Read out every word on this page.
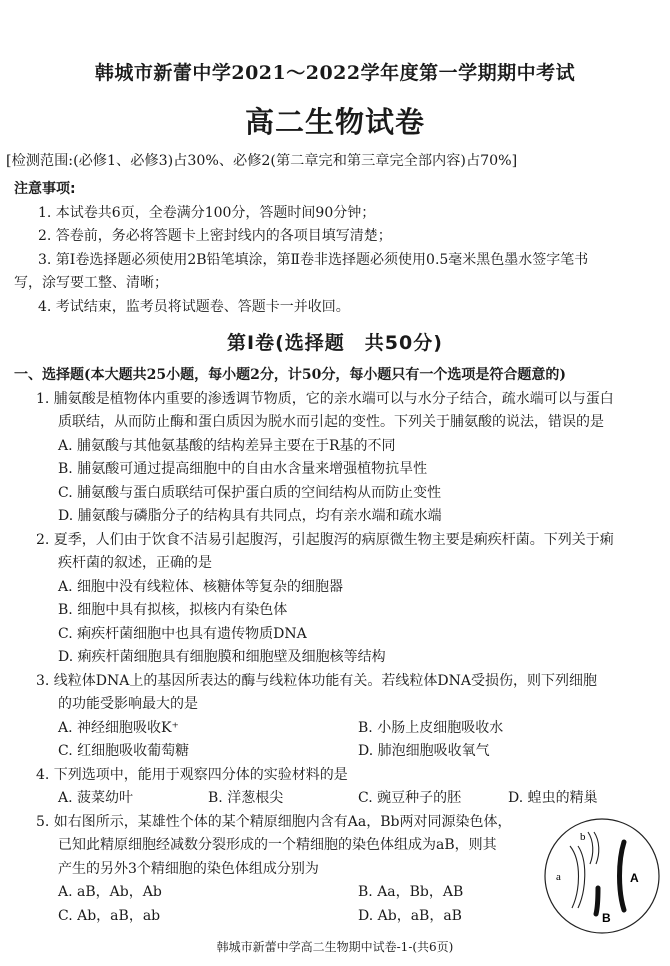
韩城市新蕾中学2021～2022学年度第一学期期中考试
高二生物试卷
[检测范围:(必修1、必修3)占30%、必修2(第二章完和第三章完全部内容)占70%]
注意事项:
1. 本试卷共6页，全卷满分100分，答题时间90分钟；
2. 答卷前，务必将答题卡上密封线内的各项目填写清楚；
3. 第Ⅰ卷选择题必须使用2B铅笔填涂，第Ⅱ卷非选择题必须使用0.5毫米黑色墨水签字笔书
写，涂写要工整、清晰；
4. 考试结束，监考员将试题卷、答题卡一并收回。
第Ⅰ卷(选择题　共50分)
一、选择题(本大题共25小题，每小题2分，计50分，每小题只有一个选项是符合题意的)
1. 脯氨酸是植物体内重要的渗透调节物质，它的亲水端可以与水分子结合，疏水端可以与蛋白
质联结，从而防止酶和蛋白质因为脱水而引起的变性。下列关于脯氨酸的说法，错误的是
A. 脯氨酸与其他氨基酸的结构差异主要在于R基的不同
B. 脯氨酸可通过提高细胞中的自由水含量来增强植物抗旱性
C. 脯氨酸与蛋白质联结可保护蛋白质的空间结构从而防止变性
D. 脯氨酸与磷脂分子的结构具有共同点，均有亲水端和疏水端
2. 夏季，人们由于饮食不洁易引起腹泻，引起腹泻的病原微生物主要是痢疾杆菌。下列关于痢
疾杆菌的叙述，正确的是
A. 细胞中没有线粒体、核糖体等复杂的细胞器
B. 细胞中具有拟核，拟核内有染色体
C. 痢疾杆菌细胞中也具有遗传物质DNA
D. 痢疾杆菌细胞具有细胞膜和细胞壁及细胞核等结构
3. 线粒体DNA上的基因所表达的酶与线粒体功能有关。若线粒体DNA受损伤，则下列细胞
的功能受影响最大的是
A. 神经细胞吸收K⁺	B. 小肠上皮细胞吸收水
C. 红细胞吸收葡萄糖	D. 肺泡细胞吸收氧气
4. 下列选项中，能用于观察四分体的实验材料的是
A. 菠菜幼叶	B. 洋葱根尖	C. 豌豆种子的胚	D. 蝗虫的精巢
5. 如右图所示，某雄性个体的某个精原细胞内含有Aa，Bb两对同源染色体，
已知此精原细胞经减数分裂形成的一个精细胞的染色体组成为aB，则其
产生的另外3个精细胞的染色体组成分别为
A. aB，Ab，Ab	B. Aa，Bb，AB
C. Ab，aB，ab	D. Ab，aB，aB
a
b
A
B
韩城市新蕾中学高二生物期中试卷-1-(共6页)
